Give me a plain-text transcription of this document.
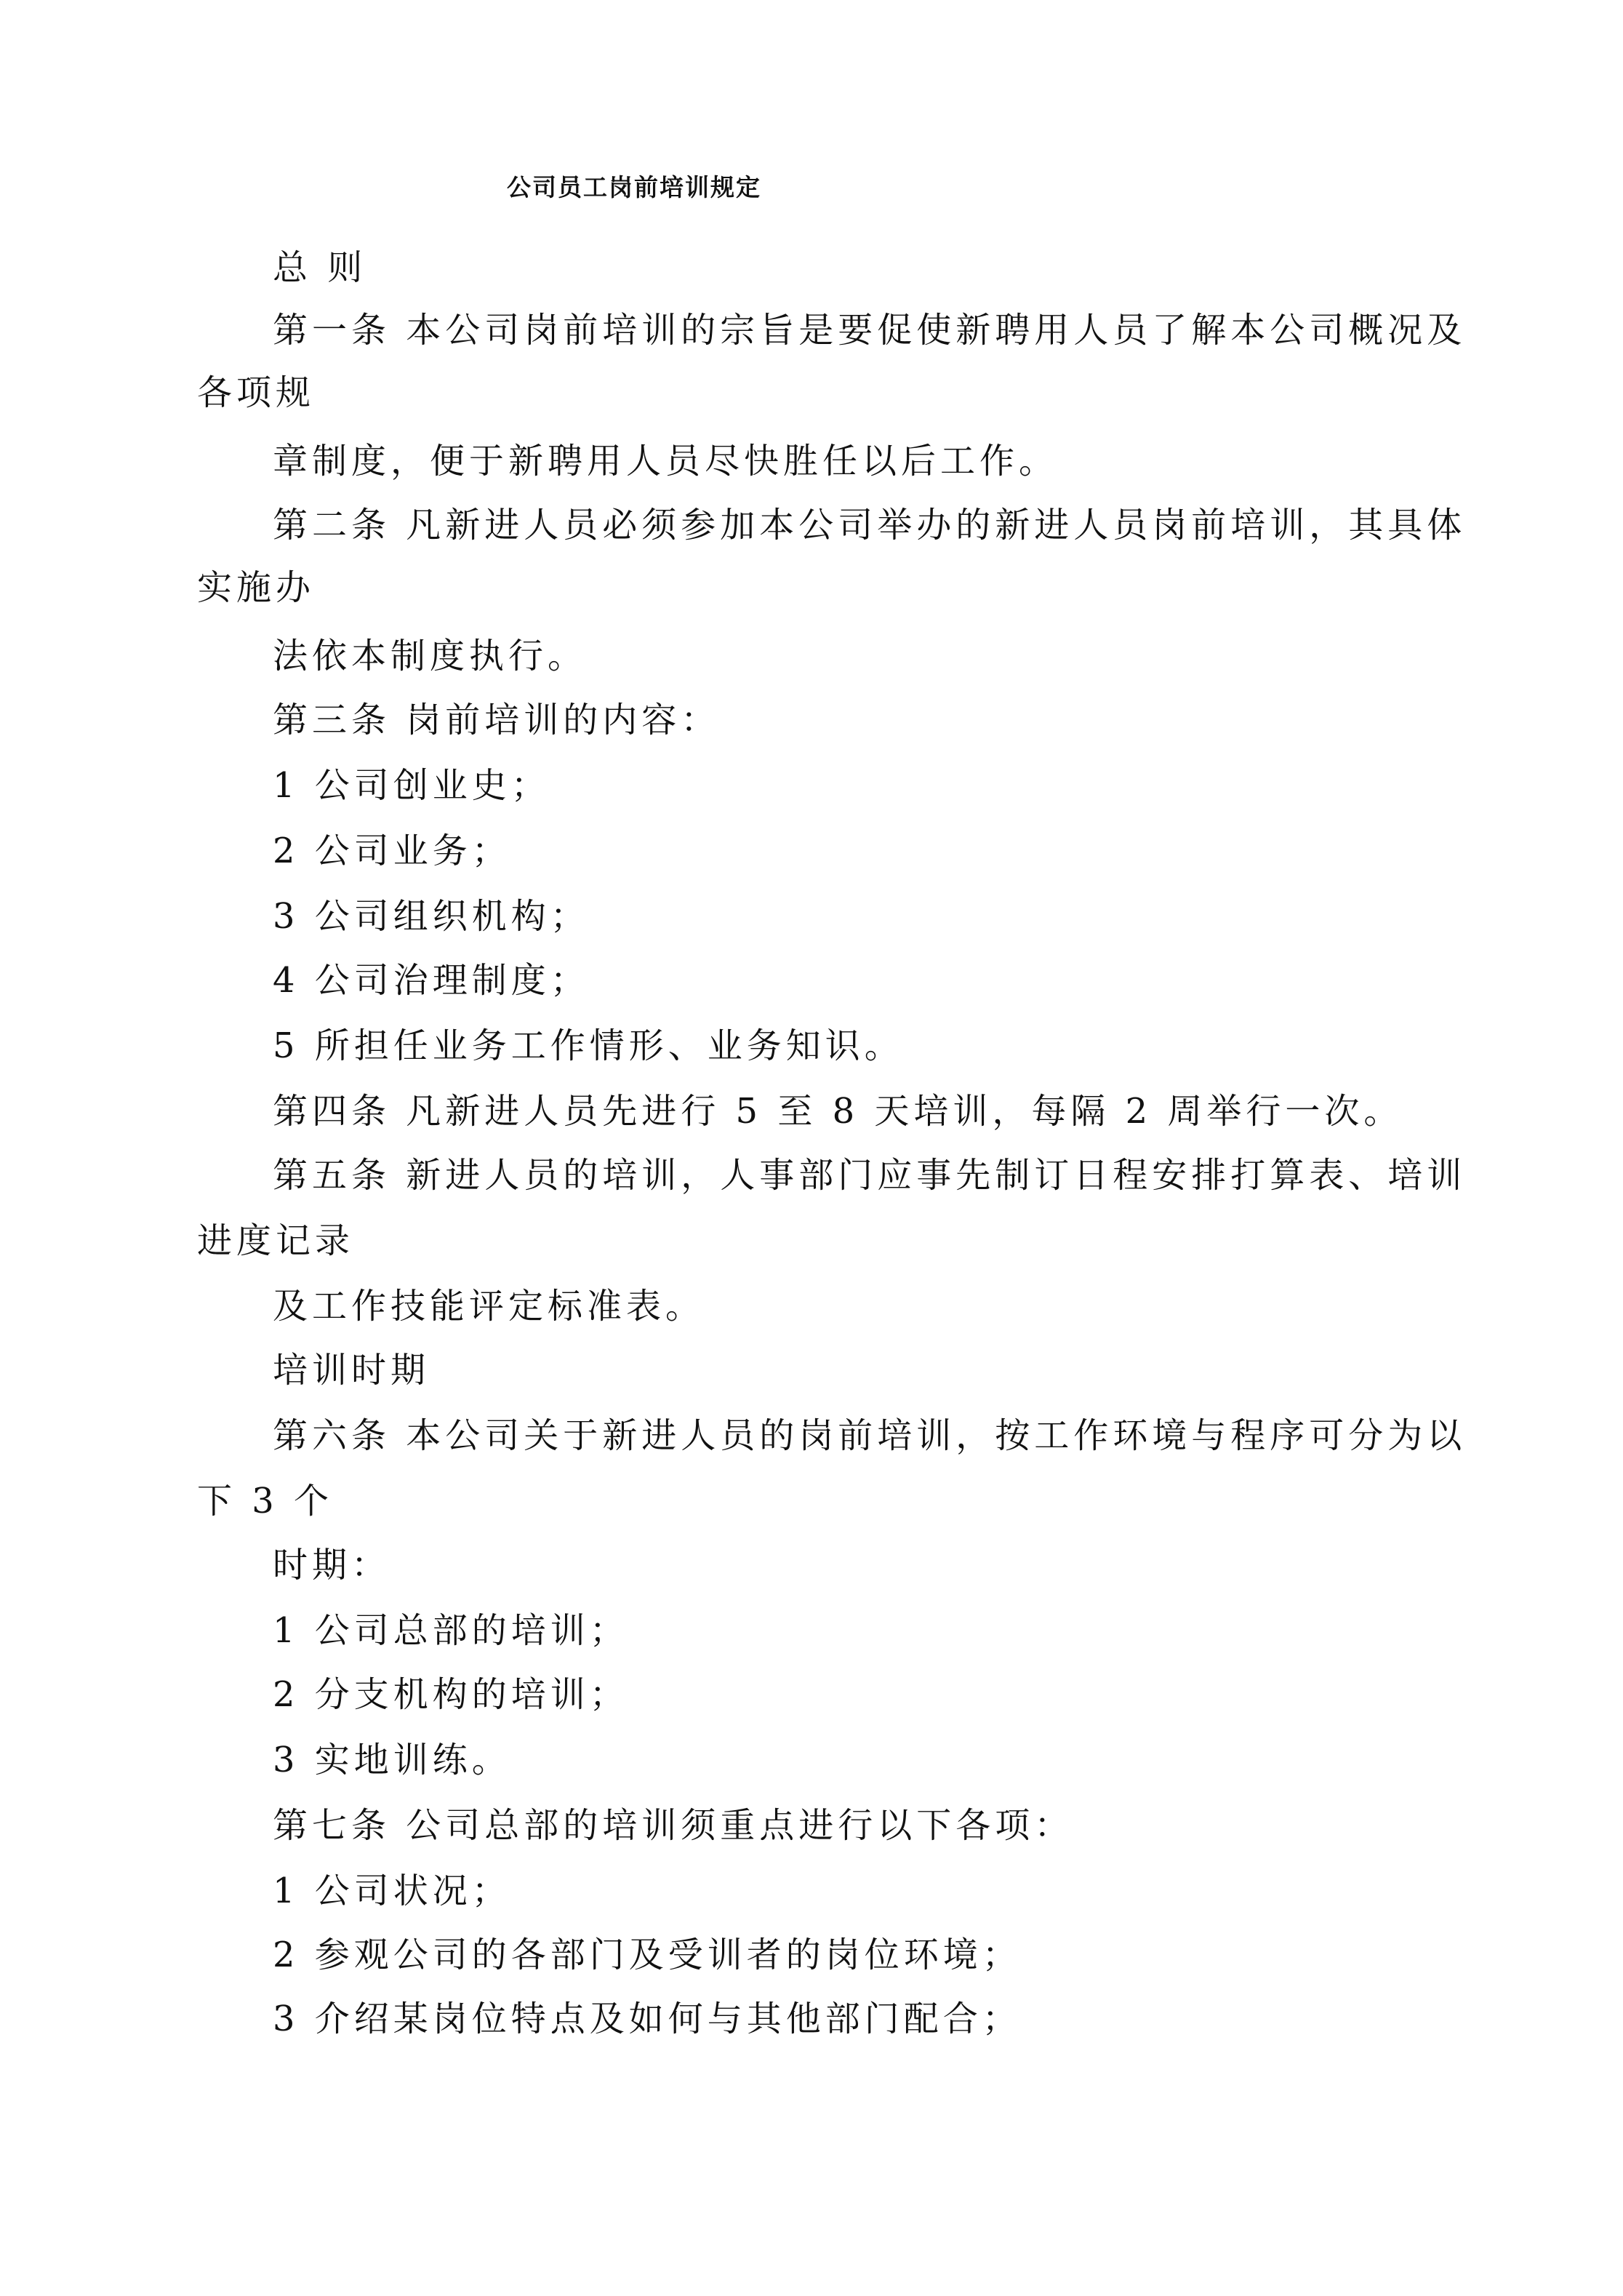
公司员工岗前培训规定
总 则
第一条 本公司岗前培训的宗旨是要促使新聘用人员了解本公司概况及
各项规
章制度，便于新聘用人员尽快胜任以后工作。
第二条 凡新进人员必须参加本公司举办的新进人员岗前培训，其具体
实施办
法依本制度执行。
第三条 岗前培训的内容：
1 公司创业史；
2 公司业务；
3 公司组织机构；
4 公司治理制度；
5 所担任业务工作情形、业务知识。
第四条 凡新进人员先进行 5 至 8 天培训，每隔 2 周举行一次。
第五条 新进人员的培训，人事部门应事先制订日程安排打算表、培训
进度记录
及工作技能评定标准表。
培训时期
第六条 本公司关于新进人员的岗前培训，按工作环境与程序可分为以
下 3 个
时期：
1 公司总部的培训；
2 分支机构的培训；
3 实地训练。
第七条 公司总部的培训须重点进行以下各项：
1 公司状况；
2 参观公司的各部门及受训者的岗位环境；
3 介绍某岗位特点及如何与其他部门配合；
